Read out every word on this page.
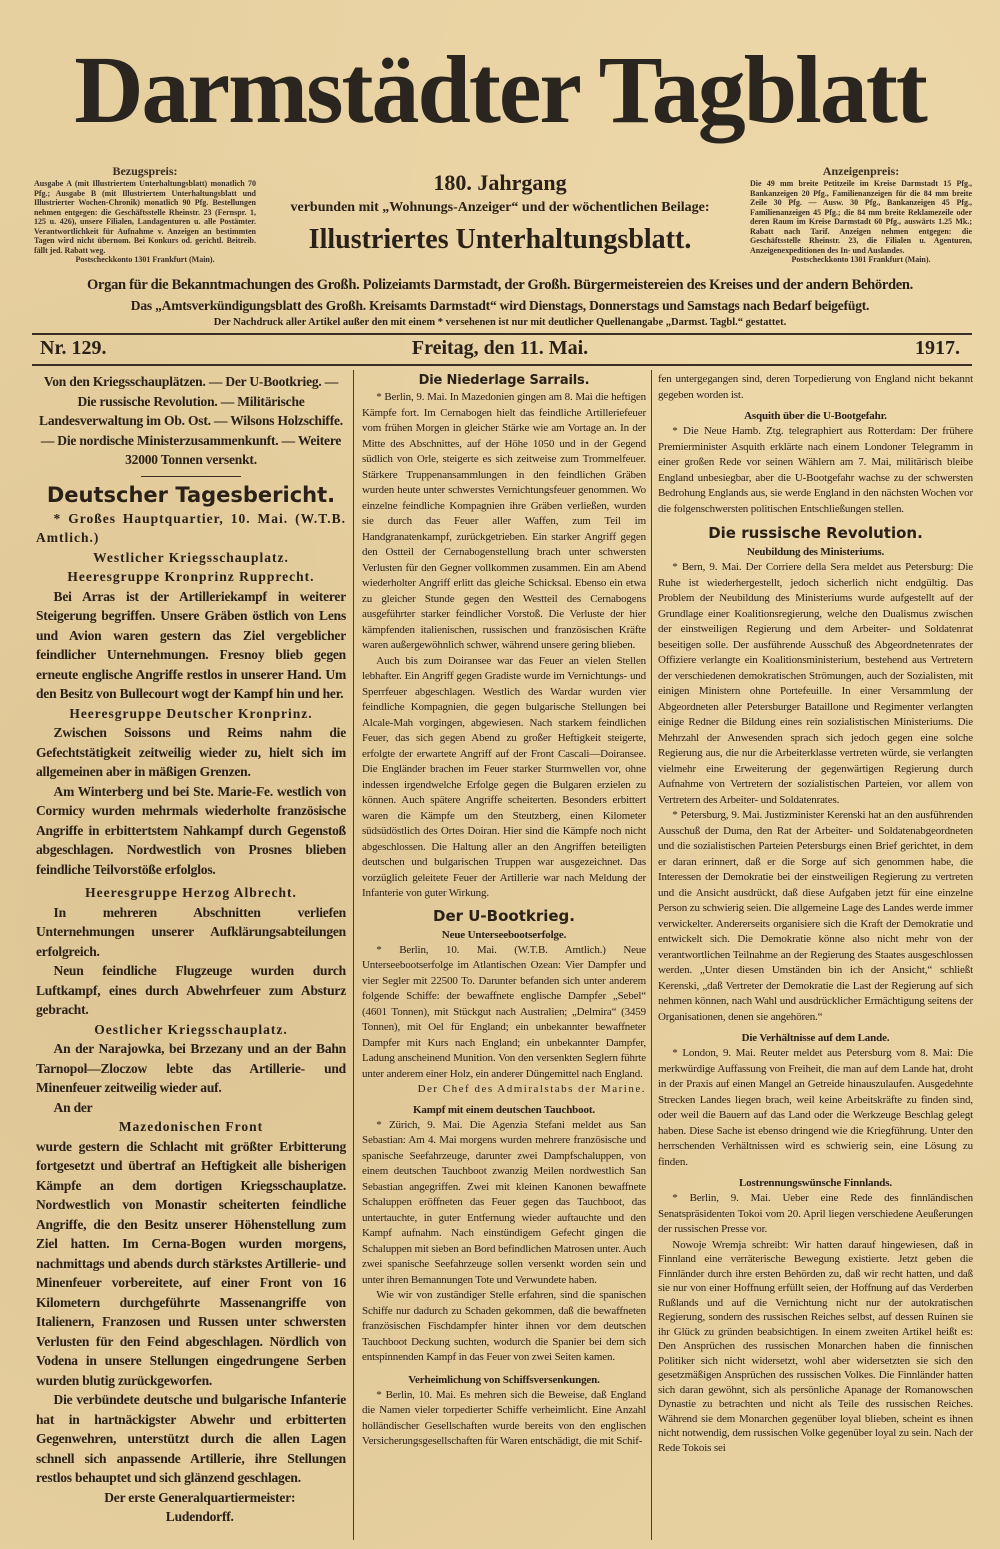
Darmstädter Tagblatt
Bezugspreis:
Ausgabe A (mit Illustriertem Unterhaltungsblatt) monatlich 70 Pfg.; Ausgabe B (mit Illustriertem Unterhaltungsblatt und Illustrierter Wochen-Chronik) monatlich 90 Pfg. Bestellungen nehmen entgegen: die Geschäftsstelle Rheinstr. 23 (Fernspr. 1, 125 u. 426), unsere Filialen, Landagenturen u. alle Postämter. Verantwortlichkeit für Aufnahme v. Anzeigen an bestimmten Tagen wird nicht übernom. Bei Konkurs od. gerichtl. Beitreib. fällt jed. Rabatt weg.
Postscheckkonto 1301 Frankfurt (Main).
Anzeigenpreis:
Die 49 mm breite Petitzeile im Kreise Darmstadt 15 Pfg., Bankanzeigen 20 Pfg., Familienanzeigen für die 84 mm breite Zeile 30 Pfg. — Ausw. 30 Pfg., Bankanzeigen 45 Pfg., Familienanzeigen 45 Pfg.; die 84 mm breite Reklamezeile oder deren Raum im Kreise Darmstadt 60 Pfg., auswärts 1.25 Mk.; Rabatt nach Tarif. Anzeigen nehmen entgegen: die Geschäftsstelle Rheinstr. 23, die Filialen u. Agenturen, Anzeigenexpeditionen des In- und Auslandes.
Postscheckkonto 1301 Frankfurt (Main).
180. Jahrgang
verbunden mit „Wohnungs-Anzeiger“ und der wöchentlichen Beilage:
Illustriertes Unterhaltungsblatt.
Organ für die Bekanntmachungen des Großh. Polizeiamts Darmstadt, der Großh. Bürgermeistereien des Kreises und der andern Behörden.
Das „Amtsverkündigungsblatt des Großh. Kreisamts Darmstadt“ wird Dienstags, Donnerstags und Samstags nach Bedarf beigefügt.
Der Nachdruck aller Artikel außer den mit einem * versehenen ist nur mit deutlicher Quellenangabe „Darmst. Tagbl.“ gestattet.
Nr. 129.	Freitag, den 11. Mai.	1917.

Von den Kriegsschauplätzen. — Der U-Bootkrieg. — Die russische Revolution. — Militärische Landesverwaltung im Ob. Ost. — Wilsons Holzschiffe. — Die nordische Ministerzusammenkunft. — Weitere 32000 Tonnen versenkt.

Deutscher Tagesbericht.

* Großes Hauptquartier, 10. Mai. (W.T.B. Amtlich.)

Westlicher Kriegsschauplatz.

Heeresgruppe Kronprinz Rupprecht.

Bei Arras ist der Artilleriekampf in weiterer Steigerung begriffen. Unsere Gräben östlich von Lens und Avion waren gestern das Ziel vergeblicher feindlicher Unternehmungen. Fresnoy blieb gegen erneute englische Angriffe restlos in unserer Hand. Um den Besitz von Bullecourt wogt der Kampf hin und her.

Heeresgruppe Deutscher Kronprinz.

Zwischen Soissons und Reims nahm die Gefechtstätigkeit zeitweilig wieder zu, hielt sich im allgemeinen aber in mäßigen Grenzen.

Am Winterberg und bei Ste. Marie-Fe. westlich von Cormicy wurden mehrmals wiederholte französische Angriffe in erbittertstem Nahkampf durch Gegenstoß abgeschlagen. Nordwestlich von Prosnes blieben feindliche Teilvorstöße erfolglos.

Heeresgruppe Herzog Albrecht.

In mehreren Abschnitten verliefen Unternehmungen unserer Aufklärungsabteilungen erfolgreich.

Neun feindliche Flugzeuge wurden durch Luftkampf, eines durch Abwehrfeuer zum Absturz gebracht.

Oestlicher Kriegsschauplatz.

An der Narajowka, bei Brzezany und an der Bahn Tarnopol—Zloczow lebte das Artillerie- und Minenfeuer zeitweilig wieder auf.

An der

Mazedonischen Front

wurde gestern die Schlacht mit größter Erbitterung fortgesetzt und übertraf an Heftigkeit alle bisherigen Kämpfe an dem dortigen Kriegsschauplatze. Nordwestlich von Monastir scheiterten feindliche Angriffe, die den Besitz unserer Höhenstellung zum Ziel hatten. Im Cerna-Bogen wurden morgens, nachmittags und abends durch stärkstes Artillerie- und Minenfeuer vorbereitete, auf einer Front von 16 Kilometern durchgeführte Massenangriffe von Italienern, Franzosen und Russen unter schwersten Verlusten für den Feind abgeschlagen. Nördlich von Vodena in unsere Stellungen eingedrungene Serben wurden blutig zurückgeworfen.

Die verbündete deutsche und bulgarische Infanterie hat in hartnäckigster Abwehr und erbitterten Gegenwehren, unterstützt durch die allen Lagen schnell sich anpassende Artillerie, ihre Stellungen restlos behauptet und sich glänzend geschlagen.

Der erste Generalquartiermeister:

Ludendorff.

Die Niederlage Sarrails.

* Berlin, 9. Mai. In Mazedonien gingen am 8. Mai die heftigen Kämpfe fort. Im Cernabogen hielt das feindliche Artilleriefeuer vom frühen Morgen in gleicher Stärke wie am Vortage an. In der Mitte des Abschnittes, auf der Höhe 1050 und in der Gegend südlich von Orle, steigerte es sich zeitweise zum Trommelfeuer. Stärkere Truppenansammlungen in den feindlichen Gräben wurden heute unter schwerstes Vernichtungsfeuer genommen. Wo einzelne feindliche Kompagnien ihre Gräben verließen, wurden sie durch das Feuer aller Waffen, zum Teil im Handgranatenkampf, zurückgetrieben. Ein starker Angriff gegen den Ostteil der Cernabogenstellung brach unter schwersten Verlusten für den Gegner vollkommen zusammen. Ein am Abend wiederholter Angriff erlitt das gleiche Schicksal. Ebenso ein etwa zu gleicher Stunde gegen den Westteil des Cernabogens ausgeführter starker feindlicher Vorstoß. Die Verluste der hier kämpfenden italienischen, russischen und französischen Kräfte waren außergewöhnlich schwer, während unsere gering blieben.

Auch bis zum Doiransee war das Feuer an vielen Stellen lebhafter. Ein Angriff gegen Gradiste wurde im Vernichtungs- und Sperrfeuer abgeschlagen. Westlich des Wardar wurden vier feindliche Kompagnien, die gegen bulgarische Stellungen bei Alcale-Mah vorgingen, abgewiesen. Nach starkem feindlichen Feuer, das sich gegen Abend zu großer Heftigkeit steigerte, erfolgte der erwartete Angriff auf der Front Cascali—Doiransee. Die Engländer brachen im Feuer starker Sturmwellen vor, ohne indessen irgendwelche Erfolge gegen die Bulgaren erzielen zu können. Auch spätere Angriffe scheiterten. Besonders erbittert waren die Kämpfe um den Steutzberg, einen Kilometer südsüdöstlich des Ortes Doiran. Hier sind die Kämpfe noch nicht abgeschlossen. Die Haltung aller an den Angriffen beteiligten deutschen und bulgarischen Truppen war ausgezeichnet. Das vorzüglich geleitete Feuer der Artillerie war nach Meldung der Infanterie von guter Wirkung.

Der U-Bootkrieg.
Neue Unterseebootserfolge.

* Berlin, 10. Mai. (W.T.B. Amtlich.) Neue Unterseebootserfolge im Atlantischen Ozean: Vier Dampfer und vier Segler mit 22500 To. Darunter befanden sich unter anderem folgende Schiffe: der bewaffnete englische Dampfer „Sebel“ (4601 Tonnen), mit Stückgut nach Australien; „Delmira“ (3459 Tonnen), mit Oel für England; ein unbekannter bewaffneter Dampfer mit Kurs nach England; ein unbekannter Dampfer, Ladung anscheinend Munition. Von den versenkten Seglern führte unter anderem einer Holz, ein anderer Düngemittel nach England.

Der Chef des Admiralstabs der Marine.

Kampf mit einem deutschen Tauchboot.

* Zürich, 9. Mai. Die Agenzia Stefani meldet aus San Sebastian: Am 4. Mai morgens wurden mehrere französische und spanische Seefahrzeuge, darunter zwei Dampfschaluppen, von einem deutschen Tauchboot zwanzig Meilen nordwestlich San Sebastian angegriffen. Zwei mit kleinen Kanonen bewaffnete Schaluppen eröffneten das Feuer gegen das Tauchboot, das untertauchte, in guter Entfernung wieder auftauchte und den Kampf aufnahm. Nach einstündigem Gefecht gingen die Schaluppen mit sieben an Bord befindlichen Matrosen unter. Auch zwei spanische Seefahrzeuge sollen versenkt worden sein und unter ihren Bemannungen Tote und Verwundete haben.

Wie wir von zuständiger Stelle erfahren, sind die spanischen Schiffe nur dadurch zu Schaden gekommen, daß die bewaffneten französischen Fischdampfer hinter ihnen vor dem deutschen Tauchboot Deckung suchten, wodurch die Spanier bei dem sich entspinnenden Kampf in das Feuer von zwei Seiten kamen.

Verheimlichung von Schiffsversenkungen.

* Berlin, 10. Mai. Es mehren sich die Beweise, daß England die Namen vieler torpedierter Schiffe verheimlicht. Eine Anzahl holländischer Gesellschaften wurde bereits von den englischen Versicherungsgesellschaften für Waren entschädigt, die mit Schif-

fen untergegangen sind, deren Torpedierung von England nicht bekannt gegeben worden ist.

Asquith über die U-Bootgefahr.

* Die Neue Hamb. Ztg. telegraphiert aus Rotterdam: Der frühere Premierminister Asquith erklärte nach einem Londoner Telegramm in einer großen Rede vor seinen Wählern am 7. Mai, militärisch bleibe England unbesiegbar, aber die U-Bootgefahr wachse zu der schwersten Bedrohung Englands aus, sie werde England in den nächsten Wochen vor die folgenschwersten politischen Entschließungen stellen.

Die russische Revolution.
Neubildung des Ministeriums.

* Bern, 9. Mai. Der Corriere della Sera meldet aus Petersburg: Die Ruhe ist wiederhergestellt, jedoch sicherlich nicht endgültig. Das Problem der Neubildung des Ministeriums wurde aufgestellt auf der Grundlage einer Koalitionsregierung, welche den Dualismus zwischen der einstweiligen Regierung und dem Arbeiter- und Soldatenrat beseitigen solle. Der ausführende Ausschuß des Abgeordnetenrates der Offiziere verlangte ein Koalitionsministerium, bestehend aus Vertretern der verschiedenen demokratischen Strömungen, auch der Sozialisten, mit einigen Ministern ohne Portefeuille. In einer Versammlung der Abgeordneten aller Petersburger Bataillone und Regimenter verlangten einige Redner die Bildung eines rein sozialistischen Ministeriums. Die Mehrzahl der Anwesenden sprach sich jedoch gegen eine solche Regierung aus, die nur die Arbeiterklasse vertreten würde, sie verlangten vielmehr eine Erweiterung der gegenwärtigen Regierung durch Aufnahme von Vertretern der sozialistischen Parteien, vor allem von Vertretern des Arbeiter- und Soldatenrates.

* Petersburg, 9. Mai. Justizminister Kerenski hat an den ausführenden Ausschuß der Duma, den Rat der Arbeiter- und Soldatenabgeordneten und die sozialistischen Parteien Petersburgs einen Brief gerichtet, in dem er daran erinnert, daß er die Sorge auf sich genommen habe, die Interessen der Demokratie bei der einstweiligen Regierung zu vertreten und die Ansicht ausdrückt, daß diese Aufgaben jetzt für eine einzelne Person zu schwierig seien. Die allgemeine Lage des Landes werde immer verwickelter. Andererseits organisiere sich die Kraft der Demokratie und entwickelt sich. Die Demokratie könne also nicht mehr von der verantwortlichen Teilnahme an der Regierung des Staates ausgeschlossen werden. „Unter diesen Umständen bin ich der Ansicht,“ schließt Kerenski, „daß Vertreter der Demokratie die Last der Regierung auf sich nehmen können, nach Wahl und ausdrücklicher Ermächtigung seitens der Organisationen, denen sie angehören.“

Die Verhältnisse auf dem Lande.

* London, 9. Mai. Reuter meldet aus Petersburg vom 8. Mai: Die merkwürdige Auffassung von Freiheit, die man auf dem Lande hat, droht in der Praxis auf einen Mangel an Getreide hinauszulaufen. Ausgedehnte Strecken Landes liegen brach, weil keine Arbeitskräfte zu finden sind, oder weil die Bauern auf das Land oder die Werkzeuge Beschlag gelegt haben. Diese Sache ist ebenso dringend wie die Kriegführung. Unter den herrschenden Verhältnissen wird es schwierig sein, eine Lösung zu finden.

Lostrennungswünsche Finnlands.

* Berlin, 9. Mai. Ueber eine Rede des finnländischen Senatspräsidenten Tokoi vom 20. April liegen verschiedene Aeußerungen der russischen Presse vor.

Nowoje Wremja schreibt: Wir hatten darauf hingewiesen, daß in Finnland eine verräterische Bewegung existierte. Jetzt geben die Finnländer durch ihre ersten Behörden zu, daß wir recht hatten, und daß sie nur von einer Hoffnung erfüllt seien, der Hoffnung auf das Verderben Rußlands und auf die Vernichtung nicht nur der autokratischen Regierung, sondern des russischen Reiches selbst, auf dessen Ruinen sie ihr Glück zu gründen beabsichtigen. In einem zweiten Artikel heißt es: Den Ansprüchen des russischen Monarchen haben die finnischen Politiker sich nicht widersetzt, wohl aber widersetzten sie sich den gesetzmäßigen Ansprüchen des russischen Volkes. Die Finnländer hatten sich daran gewöhnt, sich als persönliche Apanage der Romanowschen Dynastie zu betrachten und nicht als Teile des russischen Reiches. Während sie dem Monarchen gegenüber loyal blieben, scheint es ihnen nicht notwendig, dem russischen Volke gegenüber loyal zu sein. Nach der Rede Tokois sei
